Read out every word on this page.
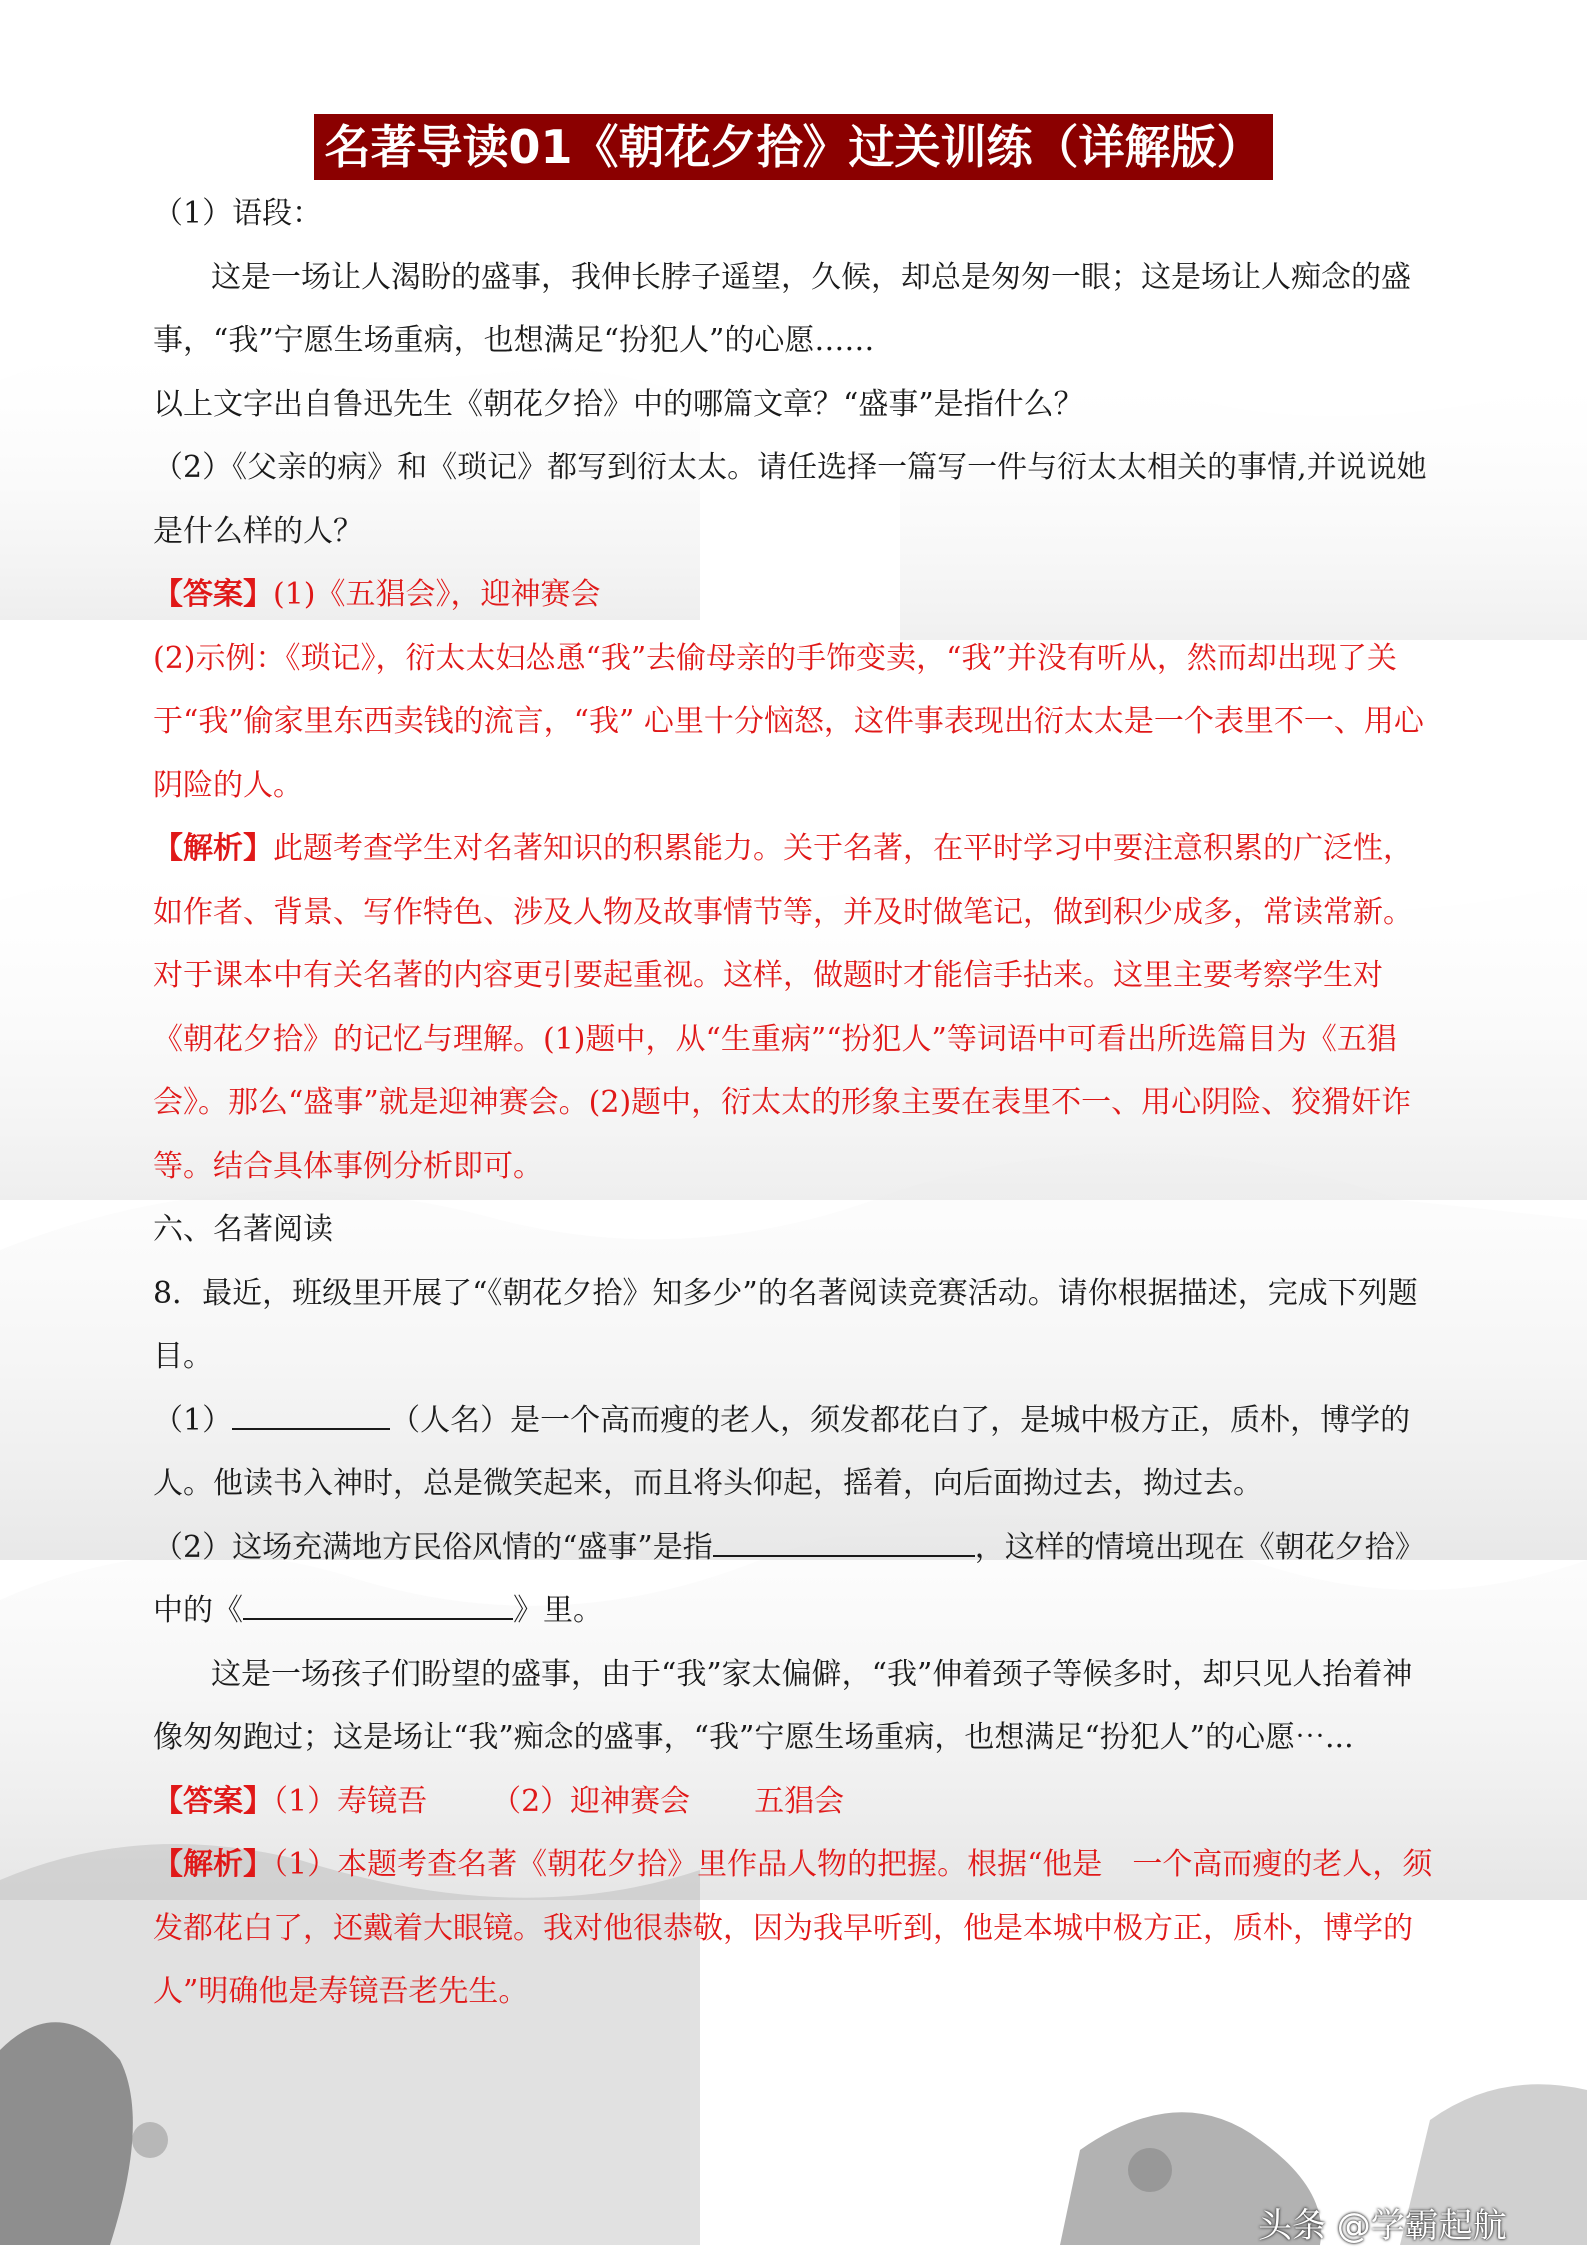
名著导读01《朝花夕拾》过关训练（详解版）

（1）语段：

这是一场让人渴盼的盛事，我伸长脖子遥望，久候，却总是匆匆一眼；这是场让人痴念的盛事，“我”宁愿生场重病，也想满足“扮犯人”的心愿……

以上文字出自鲁迅先生《朝花夕拾》中的哪篇文章？“盛事”是指什么？

（2）《父亲的病》和《琐记》都写到衍太太。请任选择一篇写一件与衍太太相关的事情,并说说她是什么样的人？

【答案】(1)《五猖会》，迎神赛会

(2)示例：《琐记》，衍太太妇怂恿“我”去偷母亲的手饰变卖，“我”并没有听从，然而却出现了关于“我”偷家里东西卖钱的流言，“我” 心里十分恼怒，这件事表现出衍太太是一个表里不一、用心阴险的人。

【解析】此题考查学生对名著知识的积累能力。关于名著，在平时学习中要注意积累的广泛性，如作者、背景、写作特色、涉及人物及故事情节等，并及时做笔记，做到积少成多，常读常新。对于课本中有关名著的内容更引要起重视。这样，做题时才能信手拈来。这里主要考察学生对《朝花夕拾》的记忆与理解。(1)题中，从“生重病”“扮犯人”等词语中可看出所选篇目为《五猖会》。那么“盛事”就是迎神赛会。(2)题中，衍太太的形象主要在表里不一、用心阴险、狡猾奸诈等。结合具体事例分析即可。

六、名著阅读

8．最近，班级里开展了“《朝花夕拾》知多少”的名著阅读竞赛活动。请你根据描述，完成下列题目。

（1）	（人名）是一个高而瘦的老人，须发都花白了，是城中极方正，质朴，博学的人。他读书入神时，总是微笑起来，而且将头仰起，摇着，向后面拗过去，拗过去。

（2）这场充满地方民俗风情的“盛事”是指	，这样的情境出现在《朝花夕拾》中的《	》里。

这是一场孩子们盼望的盛事，由于“我”家太偏僻，“我”伸着颈子等候多时，却只见人抬着神像匆匆跑过；这是场让“我”痴念的盛事，“我”宁愿生场重病，也想满足“扮犯人”的心愿⋯...

【答案】（1）寿镜吾 （2）迎神赛会 五猖会

【解析】（1）本题考查名著《朝花夕拾》里作品人物的把握。根据“他是　一个高而瘦的老人，须发都花白了，还戴着大眼镜。我对他很恭敬，因为我早听到，他是本城中极方正，质朴，博学的人”明确他是寿镜吾老先生。

头条 @学霸起航
